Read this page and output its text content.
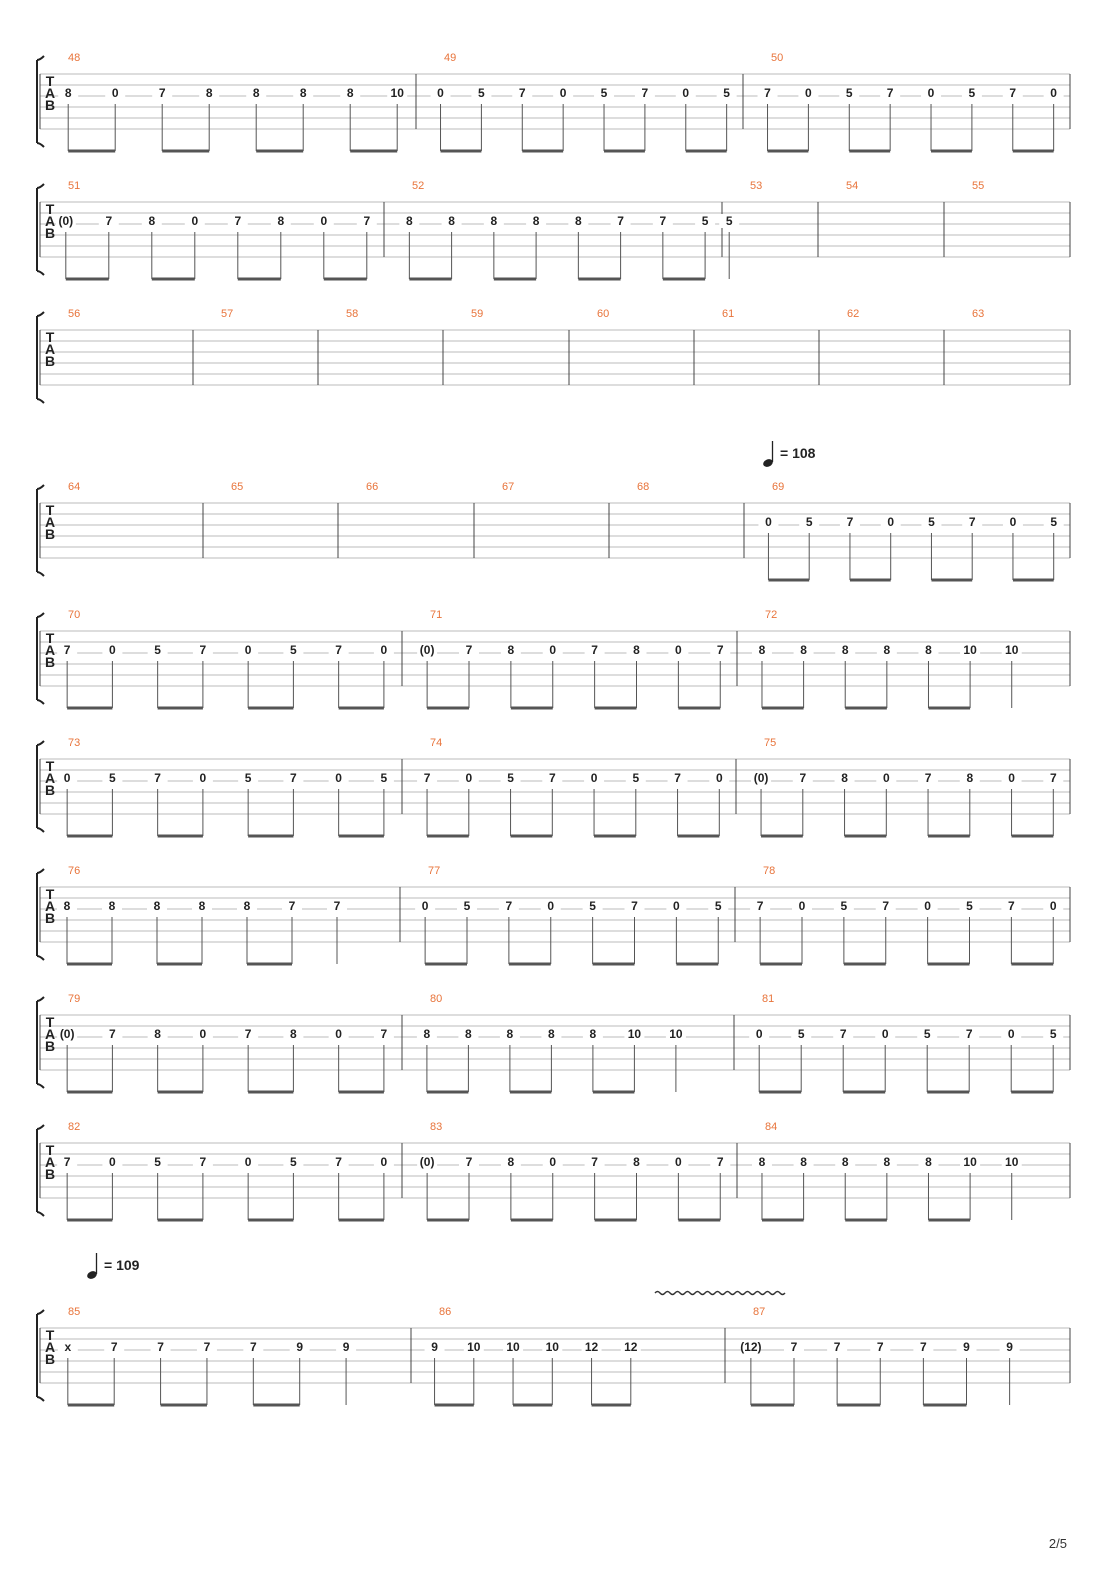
T
A
B
48
8	0	7	8	8	8	8	10
49
0	5	7	0	5	7	0	5
50
7	0	5	7	0	5	7	0
T
A
B
51
(0)	7	8	0	7	8	0	7
52
8	8	8	8	8	7	7	5
53
5
54	55
T
A
B
56	57	58	59	60	61	62	63
T
A
B
64	65	66	67	68	69
= 108
0	5	7	0	5	7	0	5
T
A
B
70
7	0	5	7	0	5	7	0
71
(0)	7	8	0	7	8	0	7
72
8	8	8	8	8	10 10
T
A
B
73
0	5	7	0	5	7	0	5
74
7	0	5	7	0	5	7	0
75
(0)	7	8	0	7	8	0	7
T
A
B
76
8	8	8	8	8	7	7
77
0	5	7	0	5	7	0	5
78
7	0	5	7	0	5	7	0
T
A
B
79
(0)	7	8	0	7	8	0	7
80
8	8	8	8	8	10 10
81
0	5	7	0	5	7	0	5
T
A
B
82
7	0	5	7	0	5	7	0
83
(0)	7	8	0	7	8	0	7
84
8	8	8	8	8	10 10
T
A
B
85
= 109
x	7	7	7	7	9	9
86
9 10 10 10 12 12
87
(12) 7	7	7	7	9	9
2/5
